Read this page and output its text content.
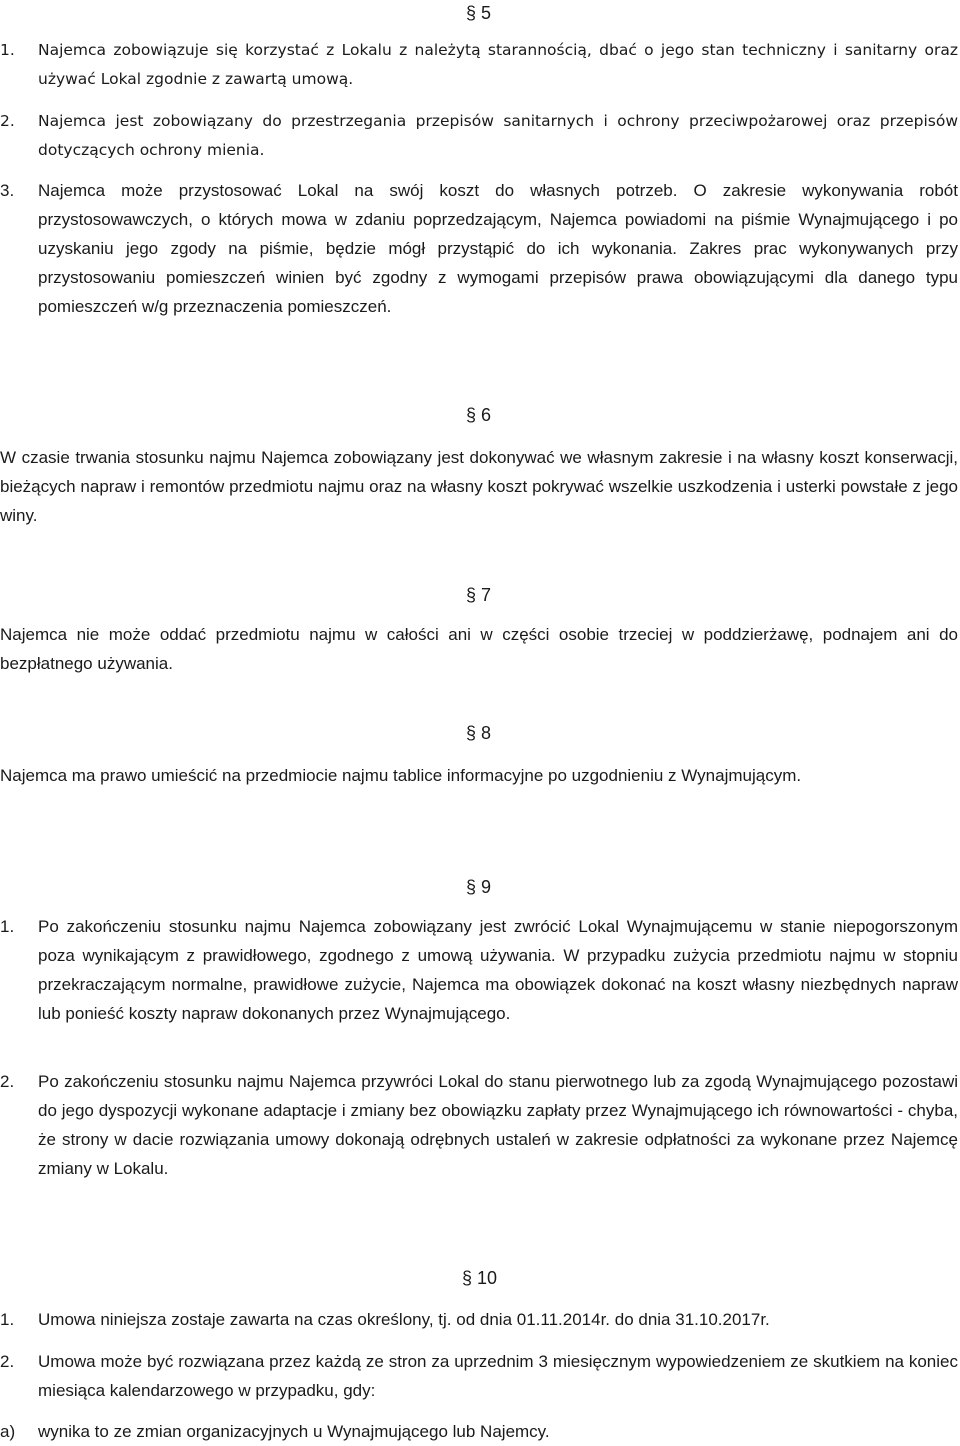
§ 5
1.	Najemca zobowiązuje się korzystać z Lokalu z należytą starannością, dbać o jego stan techniczny i sanitarny oraz używać Lokal zgodnie z zawartą umową.
2.	Najemca jest zobowiązany do przestrzegania przepisów sanitarnych i ochrony przeciwpożarowej oraz przepisów dotyczących ochrony mienia.
3.	Najemca może przystosować Lokal na swój koszt do własnych potrzeb. O zakresie wykonywania robót przystosowawczych, o których mowa w zdaniu poprzedzającym, Najemca powiadomi na piśmie Wynajmującego i po uzyskaniu jego zgody na piśmie, będzie mógł przystąpić do ich wykonania. Zakres prac wykonywanych przy przystosowaniu pomieszczeń winien być zgodny z wymogami przepisów prawa obowiązującymi dla danego typu pomieszczeń w/g przeznaczenia pomieszczeń.
§ 6
W czasie trwania stosunku najmu Najemca zobowiązany jest dokonywać we własnym zakresie i na własny koszt konserwacji, bieżących napraw i remontów przedmiotu najmu oraz na własny koszt pokrywać wszelkie uszkodzenia i usterki powstałe z jego winy.
§ 7
Najemca nie może oddać przedmiotu najmu w całości ani w części osobie trzeciej w poddzierżawę, podnajem ani do bezpłatnego używania.
§ 8
Najemca ma prawo umieścić na przedmiocie najmu tablice informacyjne po uzgodnieniu z Wynajmującym.
§ 9
1.	Po zakończeniu stosunku najmu Najemca zobowiązany jest zwrócić Lokal Wynajmującemu w stanie niepogorszonym poza wynikającym z prawidłowego, zgodnego z umową używania. W przypadku zużycia przedmiotu najmu w stopniu przekraczającym normalne, prawidłowe zużycie, Najemca ma obowiązek dokonać na koszt własny niezbędnych napraw lub ponieść koszty napraw dokonanych przez Wynajmującego.
2.	Po zakończeniu stosunku najmu Najemca przywróci Lokal do stanu pierwotnego lub za zgodą Wynajmującego pozostawi do jego dyspozycji wykonane adaptacje i zmiany bez obowiązku zapłaty przez Wynajmującego ich równowartości - chyba, że strony w dacie rozwiązania umowy dokonają odrębnych ustaleń w zakresie odpłatności za wykonane przez Najemcę zmiany w Lokalu.
§ 10
1.	Umowa niniejsza zostaje zawarta na czas określony, tj. od dnia 01.11.2014r. do dnia 31.10.2017r.
2.	Umowa może być rozwiązana przez każdą ze stron za uprzednim 3 miesięcznym wypowiedzeniem ze skutkiem na koniec miesiąca kalendarzowego w przypadku, gdy:
a)	wynika to ze zmian organizacyjnych u Wynajmującego lub Najemcy.
